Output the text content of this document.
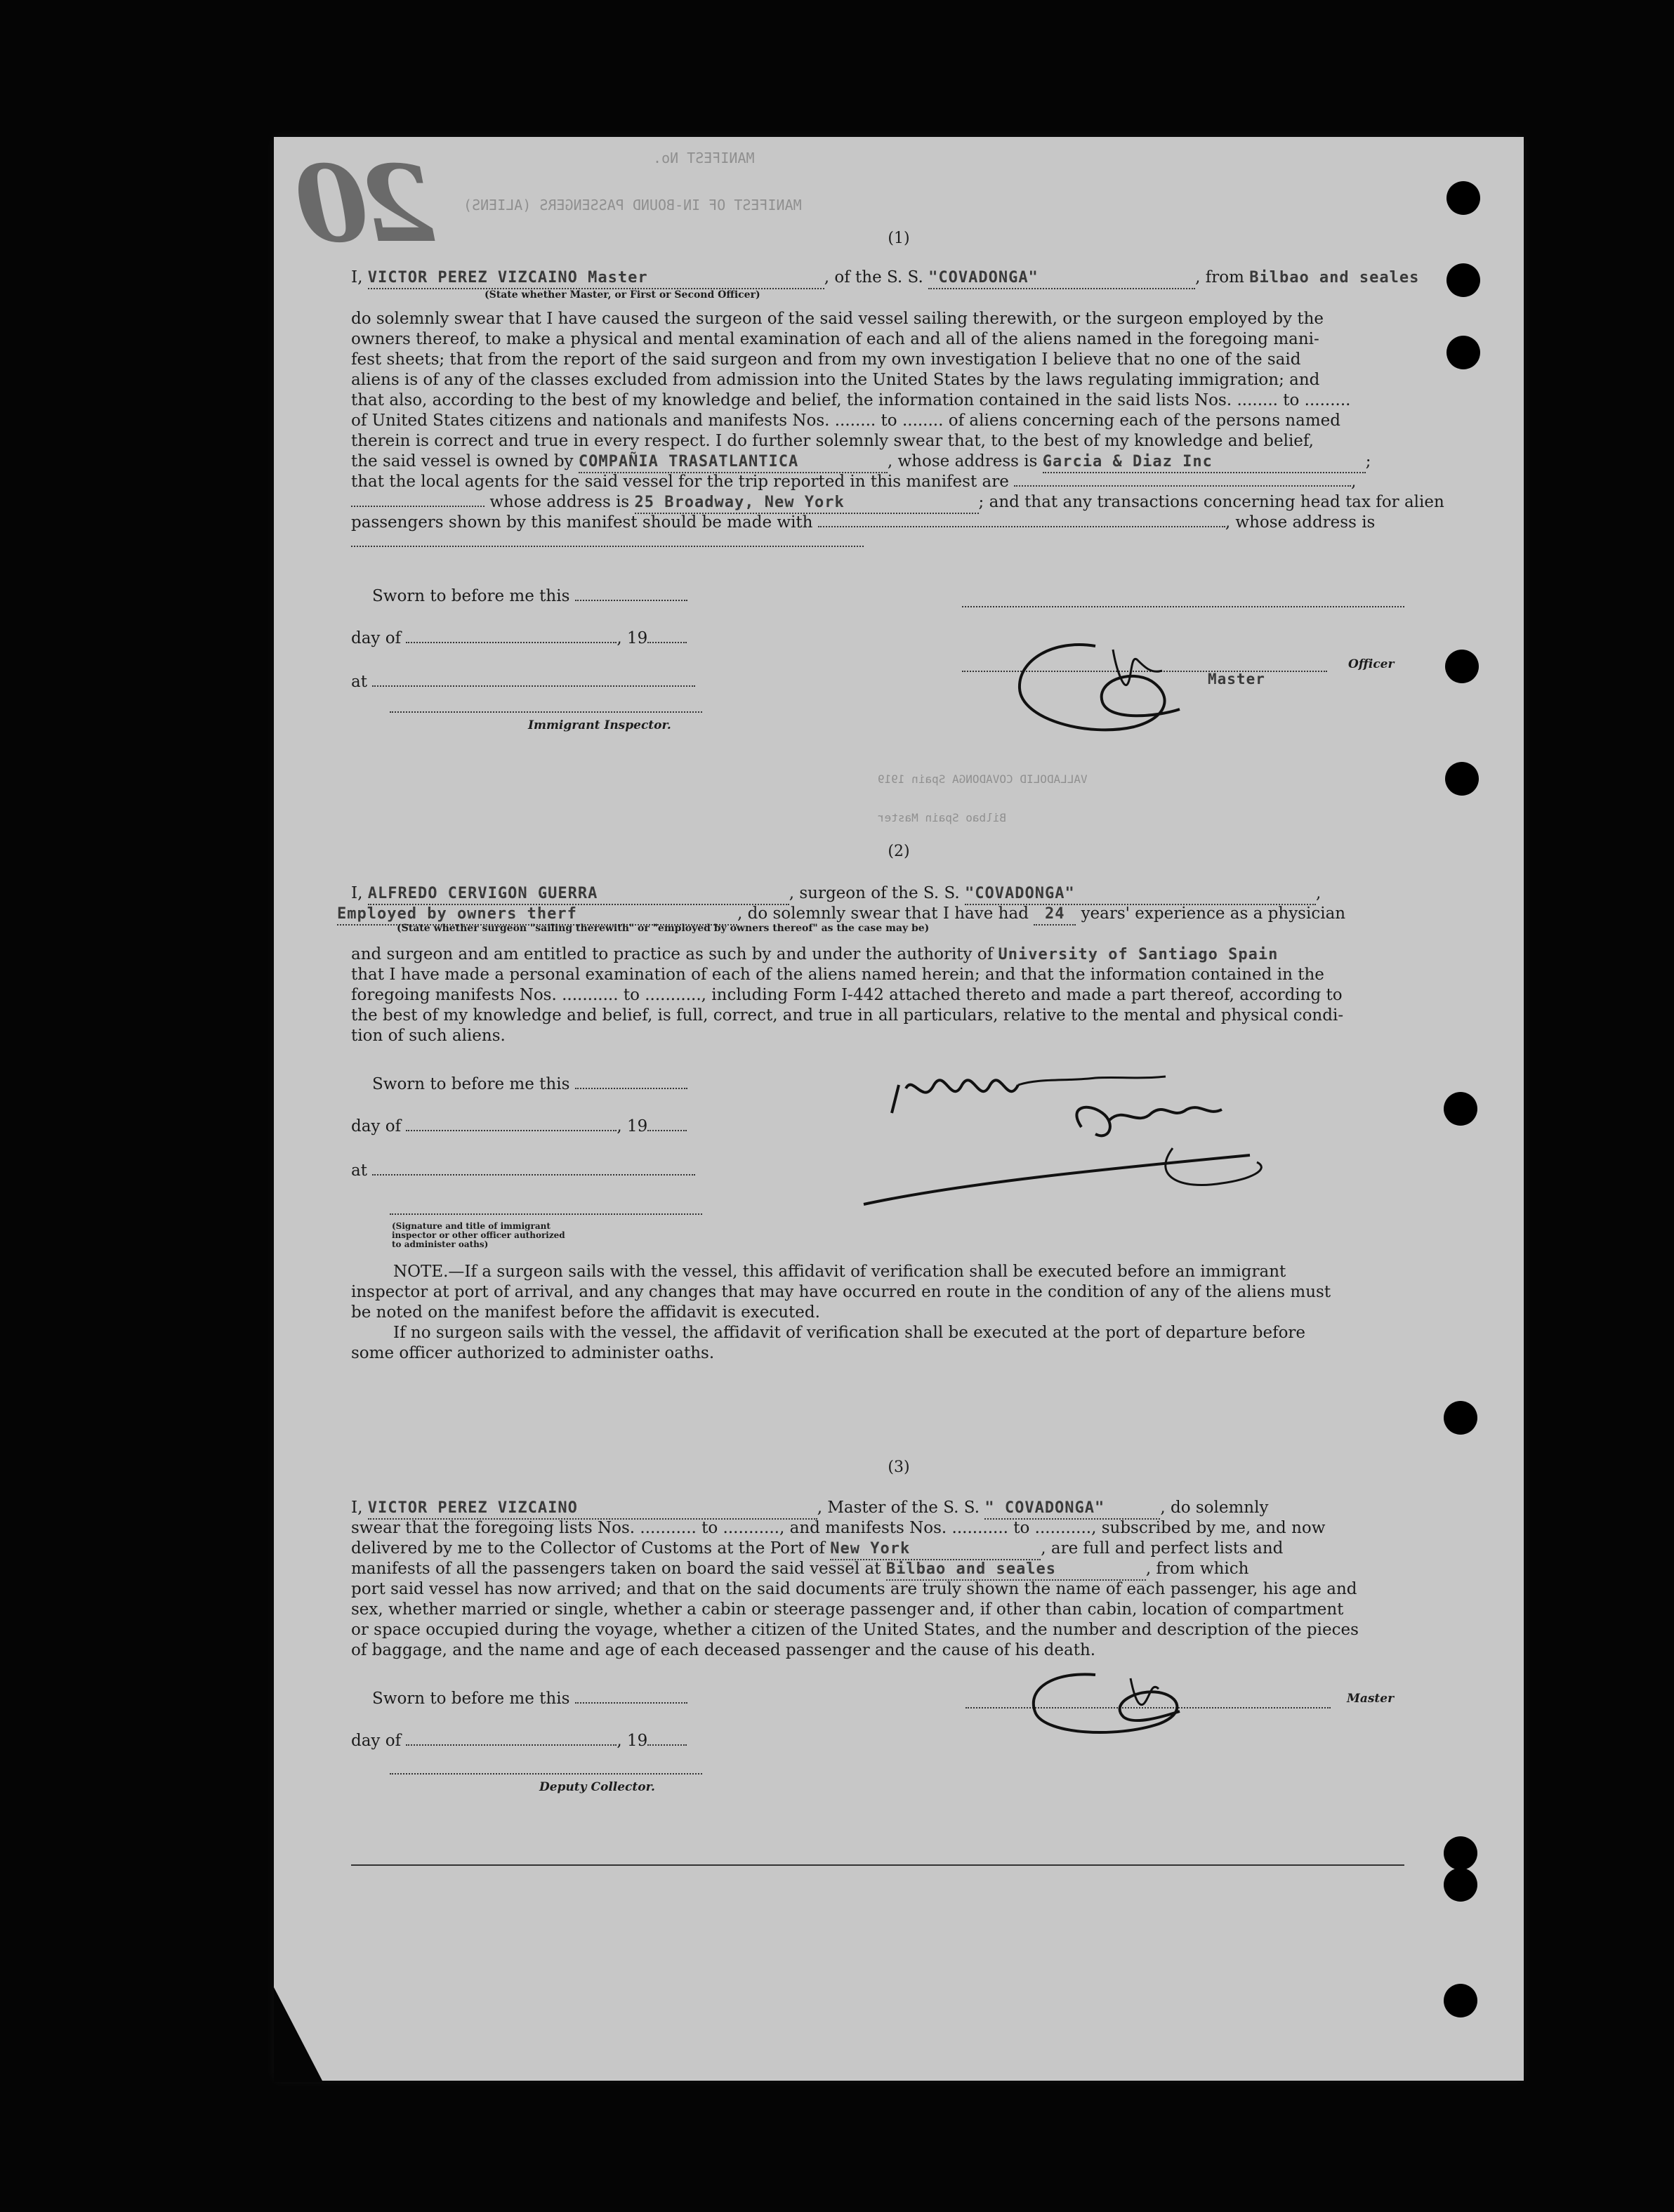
20	MANIFEST No.
MANIFEST OF IN-BOUND PASSENGERS (ALIENS)
VALLADOLID COVADONGA Spain 1919
Bilbao Spain Master
(1)
I, VICTOR PEREZ VIZCAINO Master	, of the S. S. "COVADONGA"	, from Bilbao and seales
(State whether Master, or First or Second Officer)
do solemnly swear that I have caused the surgeon of the said vessel sailing therewith, or the surgeon employed by the
owners thereof, to make a physical and mental examination of each and all of the aliens named in the foregoing mani-
fest sheets; that from the report of the said surgeon and from my own investigation I believe that no one of the said
aliens is of any of the classes excluded from admission into the United States by the laws regulating immigration; and
that also, according to the best of my knowledge and belief, the information contained in the said lists Nos. ........ to .........
of United States citizens and nationals and manifests Nos. ........ to ........ of aliens concerning each of the persons named
therein is correct and true in every respect. I do further solemnly swear that, to the best of my knowledge and belief,
the said vessel is owned by COMPAÑIA TRASATLANTICA	, whose address is Garcia & Diaz Inc	;
that the local agents for the said vessel for the trip reported in this manifest are	,
whose address is 25 Broadway, New York	; and that any transactions concerning head tax for alien
passengers shown by this manifest should be made with	, whose address is
Sworn to before me this
day of	, 19
at
Officer
Master
Immigrant Inspector.
(2)
I, ALFREDO CERVIGON GUERRA	, surgeon of the S. S. "COVADONGA"	,
Employed by owners therf	, do solemnly swear that I have had 24 years' experience as a physician
(State whether surgeon "sailing therewith" or "employed by owners thereof" as the case may be)
and surgeon and am entitled to practice as such by and under the authority of University of Santiago Spain
that I have made a personal examination of each of the aliens named herein; and that the information contained in the
foregoing manifests Nos. ........... to ..........., including Form I-442 attached thereto and made a part thereof, according to
the best of my knowledge and belief, is full, correct, and true in all particulars, relative to the mental and physical condi-
tion of such aliens.
Sworn to before me this
day of	, 19
at
(Signature and title of immigrant inspector or other officer authorized to administer oaths)
NOTE.—If a surgeon sails with the vessel, this affidavit of verification shall be executed before an immigrant
inspector at port of arrival, and any changes that may have occurred en route in the condition of any of the aliens must
be noted on the manifest before the affidavit is executed.
If no surgeon sails with the vessel, the affidavit of verification shall be executed at the port of departure before
some officer authorized to administer oaths.
(3)
I, VICTOR PEREZ VIZCAINO	, Master of the S. S. " COVADONGA"	, do solemnly
swear that the foregoing lists Nos. ........... to ..........., and manifests Nos. ........... to ..........., subscribed by me, and now
delivered by me to the Collector of Customs at the Port of New York	, are full and perfect lists and
manifests of all the passengers taken on board the said vessel at Bilbao and seales	, from which
port said vessel has now arrived; and that on the said documents are truly shown the name of each passenger, his age and
sex, whether married or single, whether a cabin or steerage passenger and, if other than cabin, location of compartment
or space occupied during the voyage, whether a citizen of the United States, and the number and description of the pieces
of baggage, and the name and age of each deceased passenger and the cause of his death.
Sworn to before me this	Master
day of	, 19
Deputy Collector.
